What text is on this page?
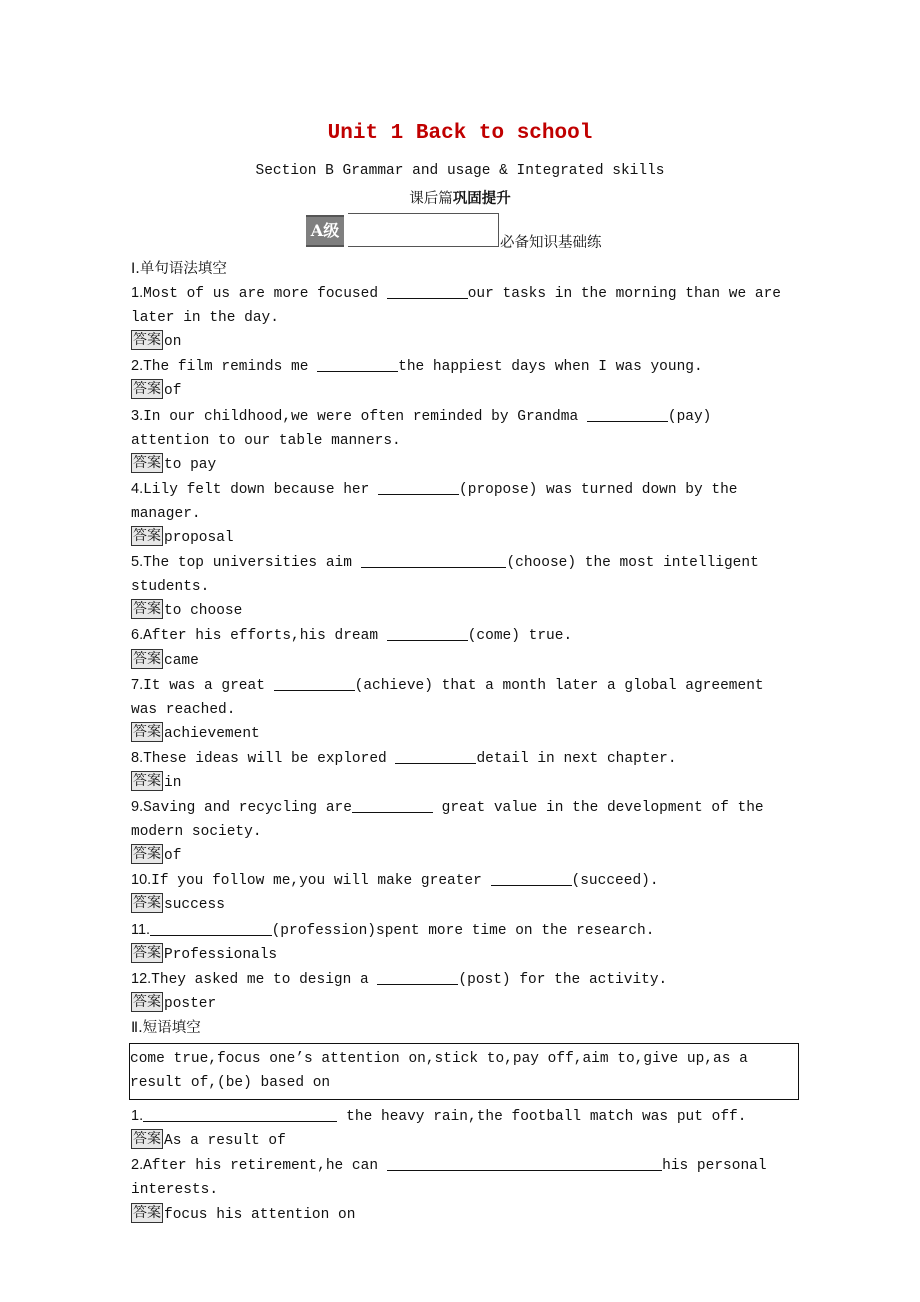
Unit 1 Back to school
Section B Grammar and usage & Integrated skills
课后篇巩固提升
A级
必备知识基础练
Ⅰ.单句语法填空
1.Most of us are more focused	our tasks in the morning than we are later in the day.
答案 on
2.The film reminds me	the happiest days when I was young.
答案 of
3.In our childhood,we were often reminded by Grandma	(pay) attention to our table manners.
答案 to pay
4.Lily felt down because her	(propose) was turned down by the manager.
答案 proposal
5.The top universities aim	(choose) the most intelligent students.
答案 to choose
6.After his efforts,his dream	(come) true.
答案 came
7.It was a great	(achieve) that a month later a global agreement was reached.
答案 achievement
8.These ideas will be explored	detail in next chapter.
答案 in
9.Saving and recycling are	great value in the development of the modern society.
答案 of
10.If you follow me,you will make greater	(succeed).
答案 success
11.	(profession)spent more time on the research.
答案 Professionals
12.They asked me to design a	(post) for the activity.
答案 poster
Ⅱ.短语填空
come true,focus one’s attention on,stick to,pay off,aim to,give up,as a result of,(be) based on
1.	the heavy rain,the football match was put off.
答案 As a result of
2.After his retirement,he can	his personal interests.
答案 focus his attention on
